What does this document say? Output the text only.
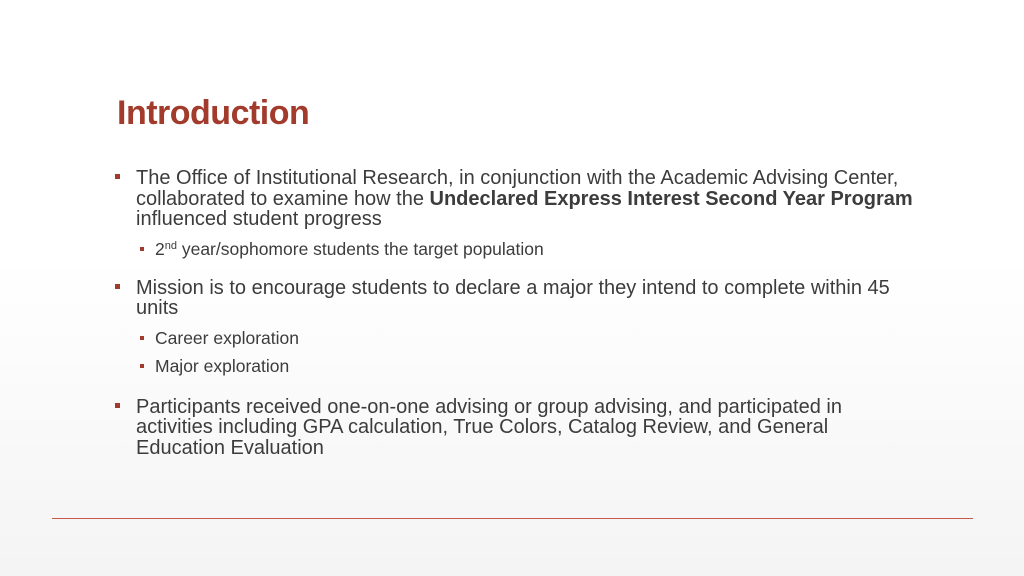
Introduction
The Office of Institutional Research, in conjunction with the Academic Advising Center, collaborated to examine how the Undeclared Express Interest Second Year Program influenced student progress
2nd year/sophomore students the target population
Mission is to encourage students to declare a major they intend to complete within 45 units
Career exploration
Major exploration
Participants received one-on-one advising or group advising, and participated in activities including GPA calculation, True Colors, Catalog Review, and General Education Evaluation
